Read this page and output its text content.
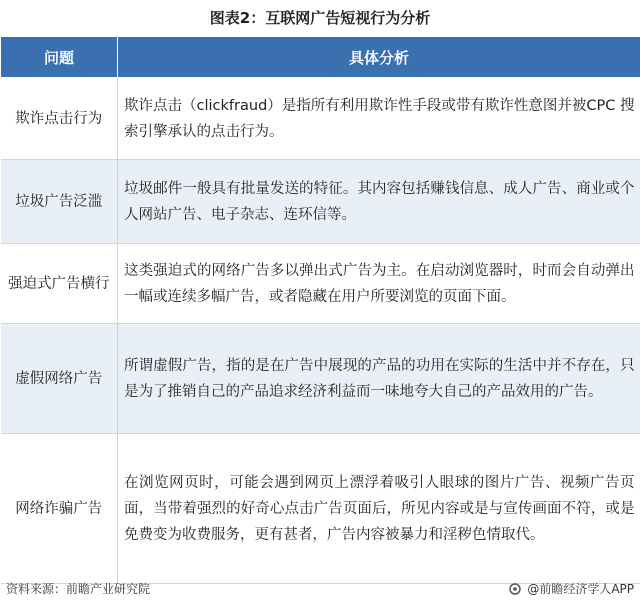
图表2：互联网广告短视行为分析
问题	具体分析
欺诈点击行为	欺诈点击（clickfraud）是指所有利用欺诈性手段或带有欺诈性意图并被CPC 搜索引擎承认的点击行为。
垃圾广告泛滥	垃圾邮件一般具有批量发送的特征。其内容包括赚钱信息、成人广告、商业或个人网站广告、电子杂志、连环信等。
强迫式广告横行	这类强迫式的网络广告多以弹出式广告为主。在启动浏览器时，时而会自动弹出一幅或连续多幅广告，或者隐藏在用户所要浏览的页面下面。
虚假网络广告	所谓虚假广告，指的是在广告中展现的产品的功用在实际的生活中并不存在，只是为了推销自己的产品追求经济利益而一味地夸大自己的产品效用的广告。
网络诈骗广告	在浏览网页时，可能会遇到网页上漂浮着吸引人眼球的图片广告、视频广告页面，当带着强烈的好奇心点击广告页面后，所见内容或是与宣传画面不符，或是免费变为收费服务，更有甚者，广告内容被暴力和淫秽色情取代。
资料来源：前瞻产业研究院	@前瞻经济学人APP
